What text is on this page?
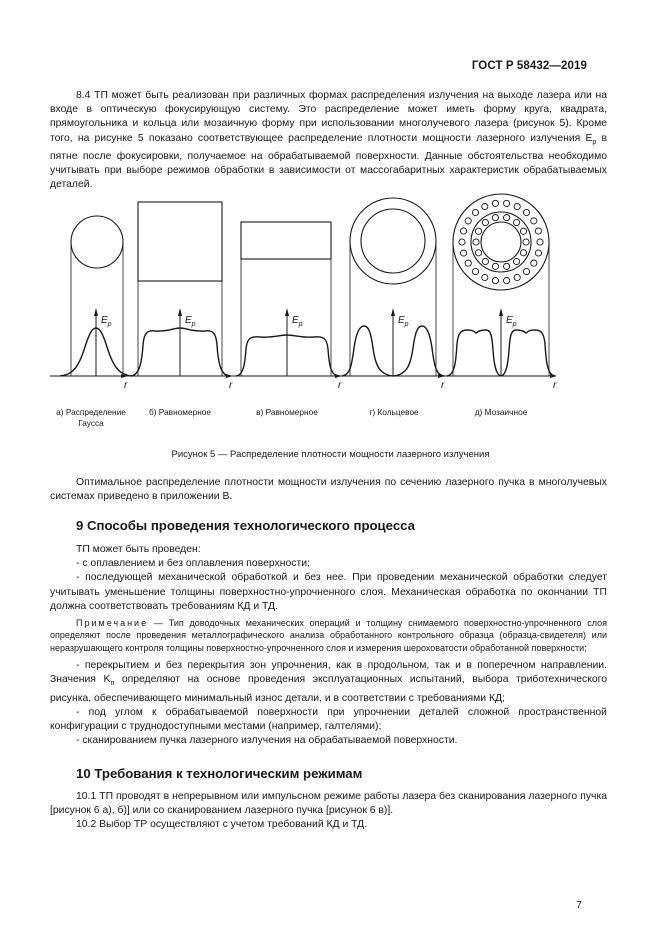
ГОСТ Р 58432—2019
8.4 ТП может быть реализован при различных формах распределения излучения на выходе лазера или на входе в оптическую фокусирующую систему. Это распределение может иметь форму круга, квадрата, прямоугольника и кольца или мозаичную форму при использовании многолучевого лазера (рисунок 5). Кроме того, на рисунке 5 показано соответствующее распределение плотности мощности лазерного излучения $E_p$ в пятне после фокусировки, получаемое на обрабатываемой поверхности. Данные обстоятельства необходимо учитывать при выборе режимов обработки в зависимости от массогабаритных характеристик обрабатываемых деталей.
$E_p$	$E_p$	$E_p$	$E_p$	$E_p$
r	r	r	r	r
а) Распределение Гаусса
б) Равномерное	в) Равномерное	г) Кольцевое	д) Мозаичное
Рисунок 5 — Распределение плотности мощности лазерного излучения
Оптимальное распределение плотности мощности излучения по сечению лазерного пучка в многолучевых системах приведено в приложении В.
9 Способы проведения технологического процесса

ТП может быть проведен:

- с оплавлением и без оплавления поверхности;

- последующей механической обработкой и без нее. При проведении механической обработки следует учитывать уменьшение толщины поверхностно-упрочненного слоя. Механическая обработка по окончании ТП должна соответствовать требованиям КД и ТД.

Примечание — Тип доводочных механических операций и толщину снимаемого поверхностно-упрочненного слоя определяют после проведения металлографического анализа обработанного контрольного образца (образца-свидетеля) или неразрушающего контроля толщины поверхностно-упрочненного слоя и измерения шероховатости обработанной поверхности;

- перекрытием и без перекрытия зон упрочнения, как в продольном, так и в поперечном направлении. Значения $K_п$ определяют на основе проведения эксплуатационных испытаний, выбора триботехнического рисунка, обеспечивающего минимальный износ детали, и в соответствии с требованиями КД;

- под углом к обрабатываемой поверхности при упрочнении деталей сложной пространственной конфигурации с труднодоступными местами (например, галтелями);

- сканированием пучка лазерного излучения на обрабатываемой поверхности.

10 Требования к технологическим режимам

10.1 ТП проводят в непрерывном или импульсном режиме работы лазера без сканирования лазерного пучка [рисунок 6 а), б)] или со сканированием лазерного пучка [рисунок 6 в)].

10.2 Выбор ТР осуществляют с учетом требований КД и ТД.

7
